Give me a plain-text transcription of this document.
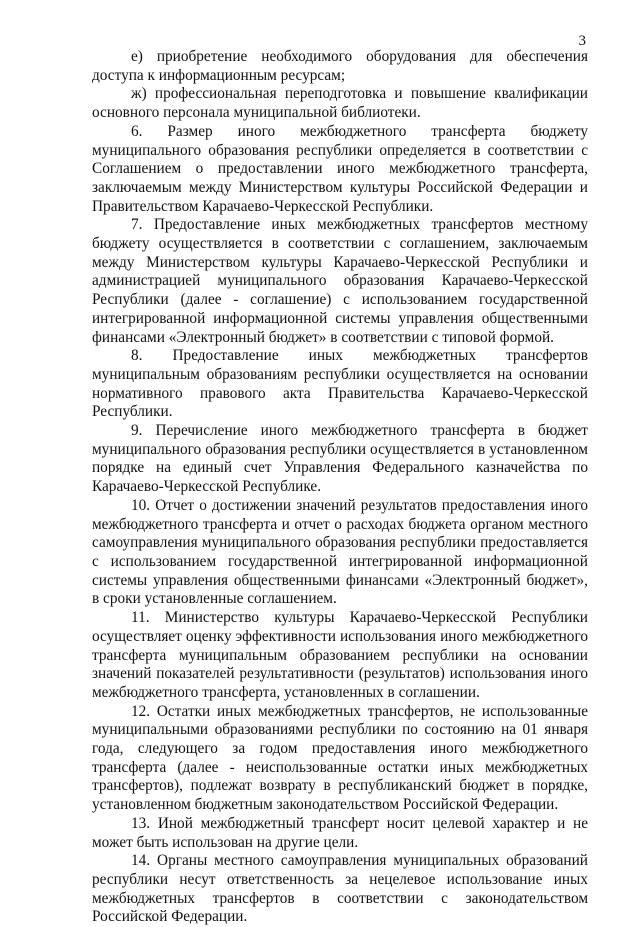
3

е) приобретение необходимого оборудования для обеспечения доступа к информационным ресурсам;

ж) профессиональная переподготовка и повышение квалификации основного персонала муниципальной библиотеки.

6. Размер иного межбюджетного трансферта бюджету муниципального образования республики определяется в соответствии с Соглашением о предоставлении иного межбюджетного трансферта, заключаемым между Министерством культуры Российской Федерации и Правительством Карачаево-Черкесской Республики.

7. Предоставление иных межбюджетных трансфертов местному бюджету осуществляется в соответствии с соглашением, заключаемым между Министерством культуры Карачаево-Черкесской Республики и администрацией муниципального образования Карачаево-Черкесской Республики (далее - соглашение) с использованием государственной интегрированной информационной системы управления общественными финансами «Электронный бюджет» в соответствии с типовой формой.

8. Предоставление иных межбюджетных трансфертов муниципальным образованиям республики осуществляется на основании нормативного правового акта Правительства Карачаево-Черкесской Республики.

9. Перечисление иного межбюджетного трансферта в бюджет муниципального образования республики осуществляется в установленном порядке на единый счет Управления Федерального казначейства по Карачаево-Черкесской Республике.

10. Отчет о достижении значений результатов предоставления иного межбюджетного трансферта и отчет о расходах бюджета органом местного самоуправления муниципального образования республики предоставляется с использованием государственной интегрированной информационной системы управления общественными финансами «Электронный бюджет», в сроки установленные соглашением.

11. Министерство культуры Карачаево-Черкесской Республики осуществляет оценку эффективности использования иного межбюджетного трансферта муниципальным образованием республики на основании значений показателей результативности (результатов) использования иного межбюджетного трансферта, установленных в соглашении.

12. Остатки иных межбюджетных трансфертов, не использованные муниципальными образованиями республики по состоянию на 01 января года, следующего за годом предоставления иного межбюджетного трансферта (далее - неиспользованные остатки иных межбюджетных трансфертов), подлежат возврату в республиканский бюджет в порядке, установленном бюджетным законодательством Российской Федерации.

13. Иной межбюджетный трансферт носит целевой характер и не может быть использован на другие цели.

14. Органы местного самоуправления муниципальных образований республики несут ответственность за нецелевое использование иных межбюджетных трансфертов в соответствии с законодательством Российской Федерации.
